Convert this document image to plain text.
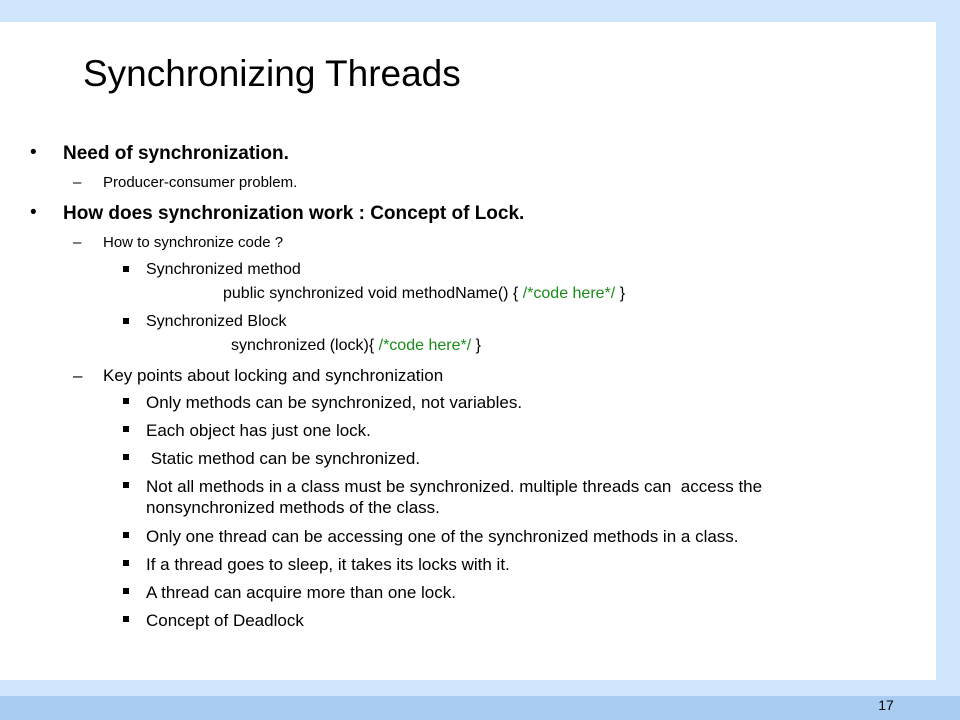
17
Synchronizing Threads
• Need of synchronization.
– Producer-consumer problem.
• How does synchronization work : Concept of Lock.
– How to synchronize code ?
Synchronized method
public synchronized void methodName() { /*code here*/ }
Synchronized Block
synchronized (lock){ /*code here*/ }
– Key points about locking and synchronization
Only methods can be synchronized, not variables.
Each object has just one lock.
Static method can be synchronized.
Not all methods in a class must be synchronized. multiple threads can  access the
nonsynchronized methods of the class.
Only one thread can be accessing one of the synchronized methods in a class.
If a thread goes to sleep, it takes its locks with it.
A thread can acquire more than one lock.
Concept of Deadlock
